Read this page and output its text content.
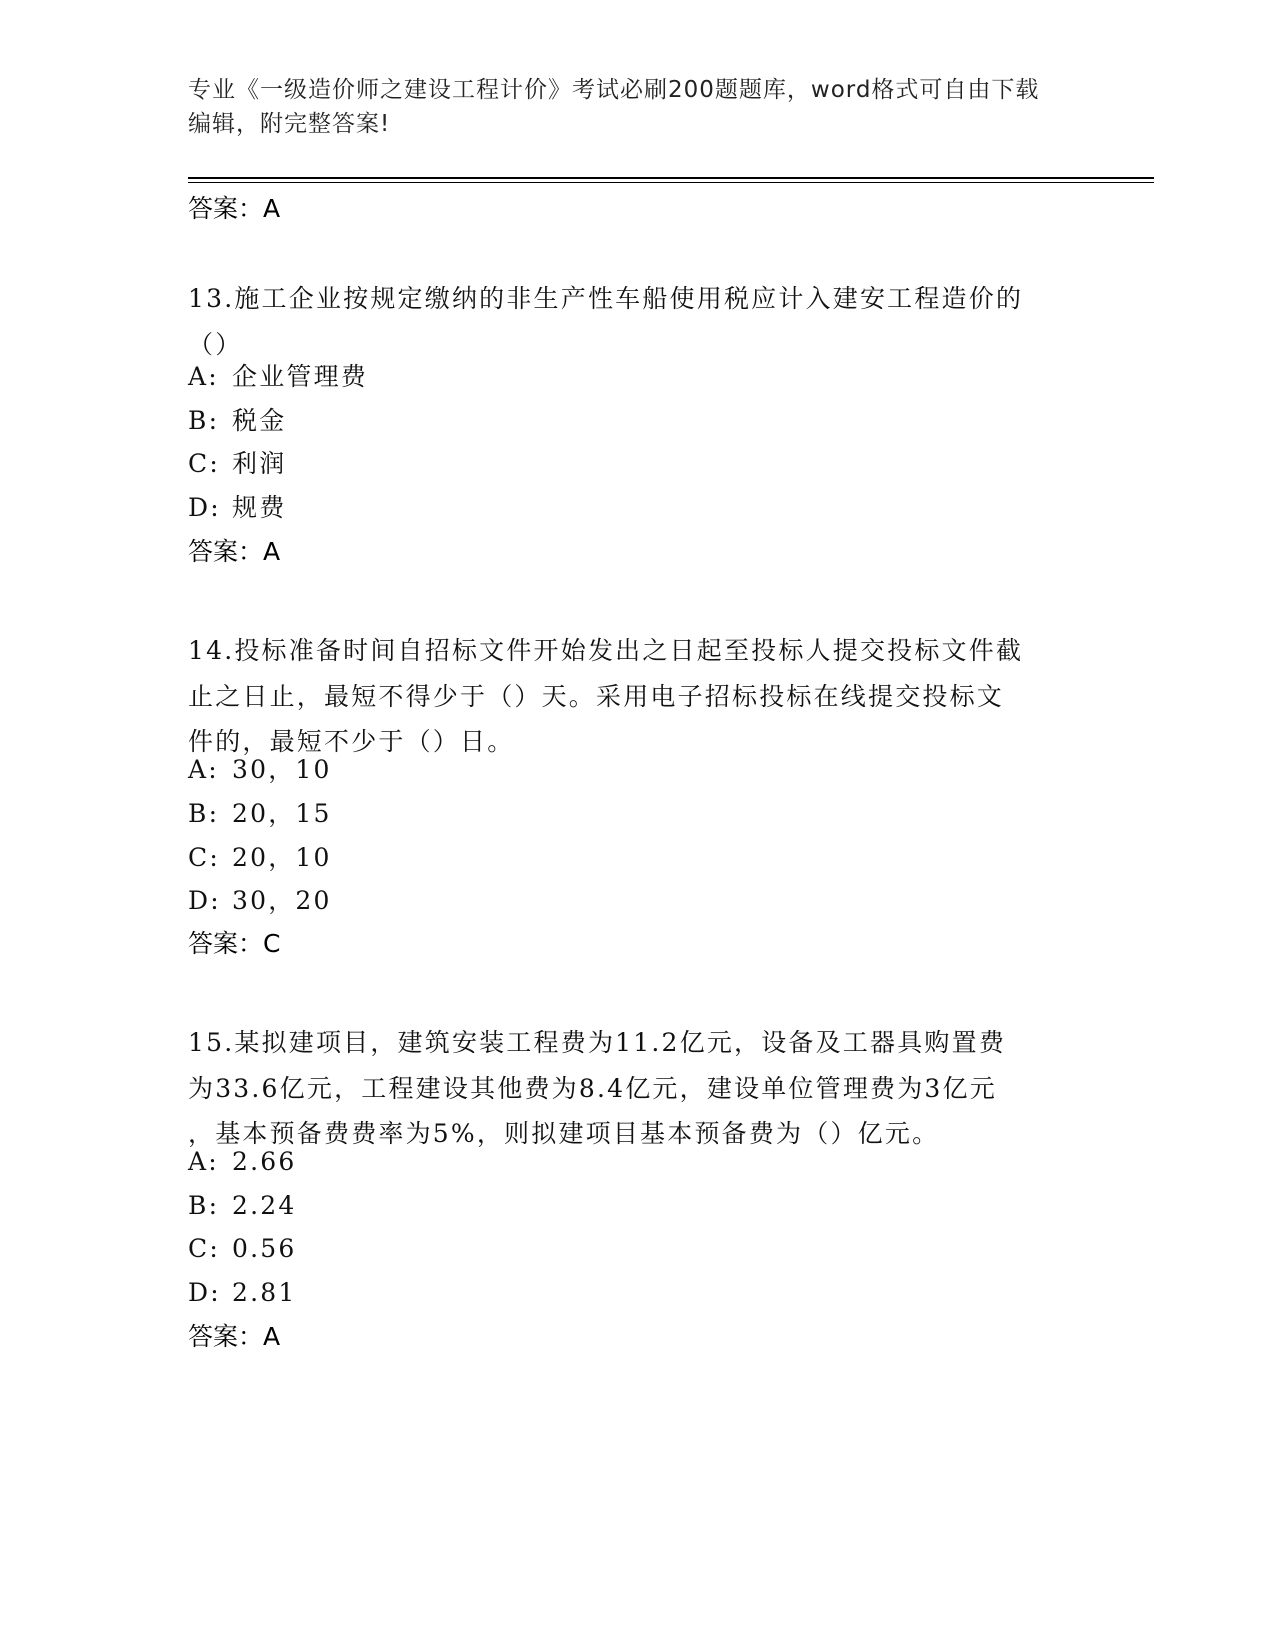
专业《一级造价师之建设工程计价》考试必刷200题题库，word格式可自由下载
编辑，附完整答案!
答案：A
13.施工企业按规定缴纳的非生产性车船使用税应计入建安工程造价的
（）
A: 企业管理费
B: 税金
C: 利润
D: 规费
答案：A
14.投标准备时间自招标文件开始发出之日起至投标人提交投标文件截
止之日止，最短不得少于（）天。采用电子招标投标在线提交投标文
件的，最短不少于（）日。
A: 30，10
B: 20，15
C: 20，10
D: 30，20
答案：C
15.某拟建项目，建筑安装工程费为11.2亿元，设备及工器具购置费
为33.6亿元，工程建设其他费为8.4亿元，建设单位管理费为3亿元
，基本预备费费率为5%，则拟建项目基本预备费为（）亿元。
A: 2.66
B: 2.24
C: 0.56
D: 2.81
答案：A
